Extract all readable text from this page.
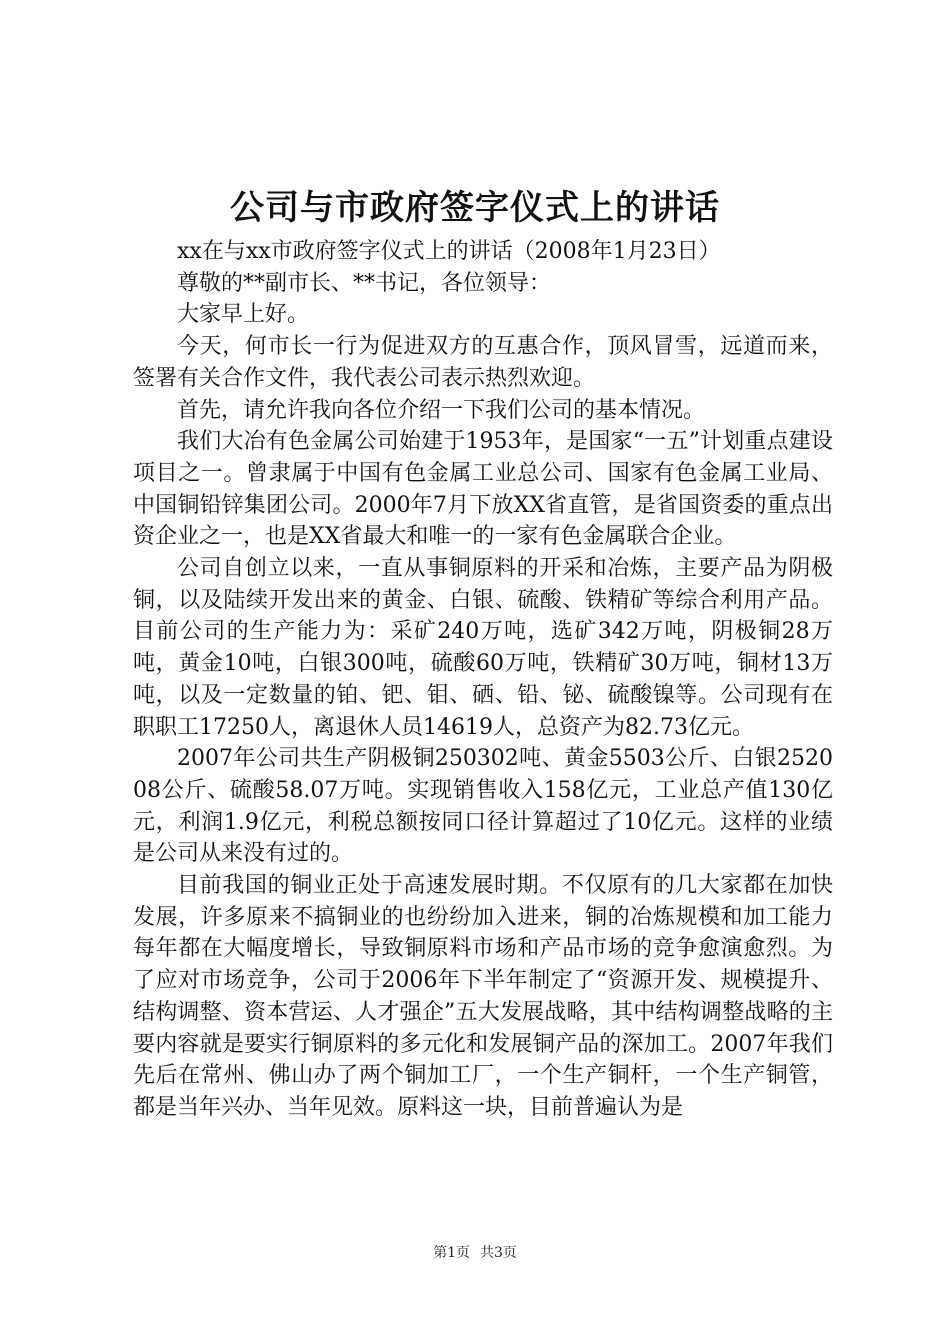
公司与市政府签字仪式上的讲话

xx在与xx市政府签字仪式上的讲话（2008年1月23日）

尊敬的**副市长、**书记，各位领导：

大家早上好。

今天，何市长一行为促进双方的互惠合作，顶风冒雪，远道而来，签署有关合作文件，我代表公司表示热烈欢迎。

首先，请允许我向各位介绍一下我们公司的基本情况。

我们大冶有色金属公司始建于1953年，是国家“一五”计划重点建设项目之一。曾隶属于中国有色金属工业总公司、国家有色金属工业局、中国铜铅锌集团公司。2000年7月下放XX省直管，是省国资委的重点出资企业之一，也是XX省最大和唯一的一家有色金属联合企业。

公司自创立以来，一直从事铜原料的开采和冶炼，主要产品为阴极铜，以及陆续开发出来的黄金、白银、硫酸、铁精矿等综合利用产品。目前公司的生产能力为：采矿240万吨，选矿342万吨，阴极铜28万吨，黄金10吨，白银300吨，硫酸60万吨，铁精矿30万吨，铜材13万吨，以及一定数量的铂、钯、钼、硒、铅、铋、硫酸镍等。公司现有在职职工17250人，离退休人员14619人，总资产为82.73亿元。

2007年公司共生产阴极铜250302吨、黄金5503公斤、白银252008公斤、硫酸58.07万吨。实现销售收入158亿元，工业总产值130亿元，利润1.9亿元，利税总额按同口径计算超过了10亿元。这样的业绩是公司从来没有过的。

目前我国的铜业正处于高速发展时期。不仅原有的几大家都在加快发展，许多原来不搞铜业的也纷纷加入进来，铜的冶炼规模和加工能力每年都在大幅度增长，导致铜原料市场和产品市场的竞争愈演愈烈。为了应对市场竞争，公司于2006年下半年制定了“资源开发、规模提升、结构调整、资本营运、人才强企”五大发展战略，其中结构调整战略的主要内容就是要实行铜原料的多元化和发展铜产品的深加工。2007年我们先后在常州、佛山办了两个铜加工厂，一个生产铜杆，一个生产铜管，都是当年兴办、当年见效。原料这一块，目前普遍认为是

第1页 共3页
